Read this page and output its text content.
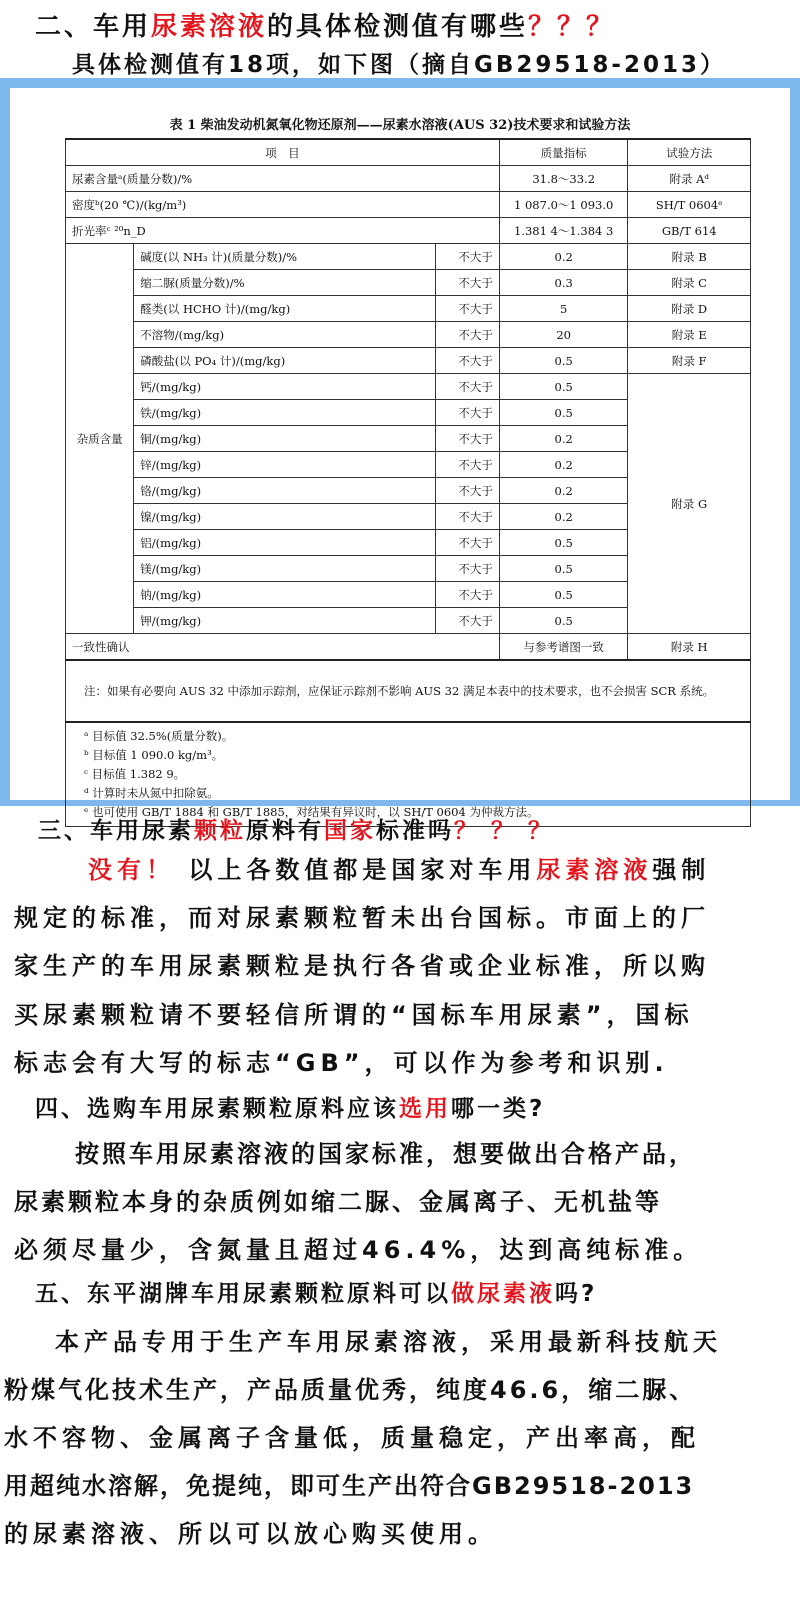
二、车用尿素溶液的具体检测值有哪些？？？
具体检测值有18项，如下图（摘自GB29518-2013）
表 1 柴油发动机氮氧化物还原剂——尿素水溶液(AUS 32)技术要求和试验方法
项　目			质量指标	试验方法
尿素含量ᵃ(质量分数)/%			31.8～33.2	附录 Aᵈ
密度ᵇ(20 ℃)/(kg/m³)			1 087.0～1 093.0	SH/T 0604ᵉ
折光率ᶜ ²⁰n_D			1.381 4～1.384 3	GB/T 614
杂质含量	碱度(以 NH₃ 计)(质量分数)/%	不大于	0.2	附录 B
	缩二脲(质量分数)/%	不大于	0.3	附录 C
	醛类(以 HCHO 计)/(mg/kg)	不大于	5	附录 D
	不溶物/(mg/kg)	不大于	20	附录 E
	磷酸盐(以 PO₄ 计)/(mg/kg)	不大于	0.5	附录 F
	钙/(mg/kg)	不大于	0.5	附录 G
	铁/(mg/kg)	不大于	0.5	
	铜/(mg/kg)	不大于	0.2	
	锌/(mg/kg)	不大于	0.2	
	铬/(mg/kg)	不大于	0.2	
	镍/(mg/kg)	不大于	0.2	
	铝/(mg/kg)	不大于	0.5	
	镁/(mg/kg)	不大于	0.5	
	钠/(mg/kg)	不大于	0.5	
	钾/(mg/kg)	不大于	0.5	
一致性确认			与参考谱图一致	附录 H
注：如果有必要向 AUS 32 中添加示踪剂，应保证示踪剂不影响 AUS 32 满足本表中的技术要求，也不会损害 SCR 系统。				

ᵃ 目标值 32.5%(质量分数)。
ᵇ 目标值 1 090.0 kg/m³。
ᶜ 目标值 1.382 9。
ᵈ 计算时未从氮中扣除氨。
ᵉ 也可使用 GB/T 1884 和 GB/T 1885，对结果有异议时，以 SH/T 0604 为仲裁方法。				
三、车用尿素颗粒原料有国家标准吗？ ？ ？
没有！ 以上各数值都是国家对车用尿素溶液强制
规定的标准，而对尿素颗粒暂未出台国标。市面上的厂
家生产的车用尿素颗粒是执行各省或企业标准，所以购
买尿素颗粒请不要轻信所谓的“国标车用尿素”，国标
标志会有大写的标志“GB”，可以作为参考和识别.
四、选购车用尿素颗粒原料应该选用哪一类?
按照车用尿素溶液的国家标准，想要做出合格产品，
尿素颗粒本身的杂质例如缩二脲、金属离子、无机盐等
必须尽量少，含氮量且超过46.4%，达到高纯标准。
五、东平湖牌车用尿素颗粒原料可以做尿素液吗?
本产品专用于生产车用尿素溶液，采用最新科技航天
粉煤气化技术生产，产品质量优秀，纯度46.6，缩二脲、
水不容物、金属离子含量低，质量稳定，产出率高，配
用超纯水溶解，免提纯，即可生产出符合GB29518-2013
的尿素溶液、所以可以放心购买使用。
